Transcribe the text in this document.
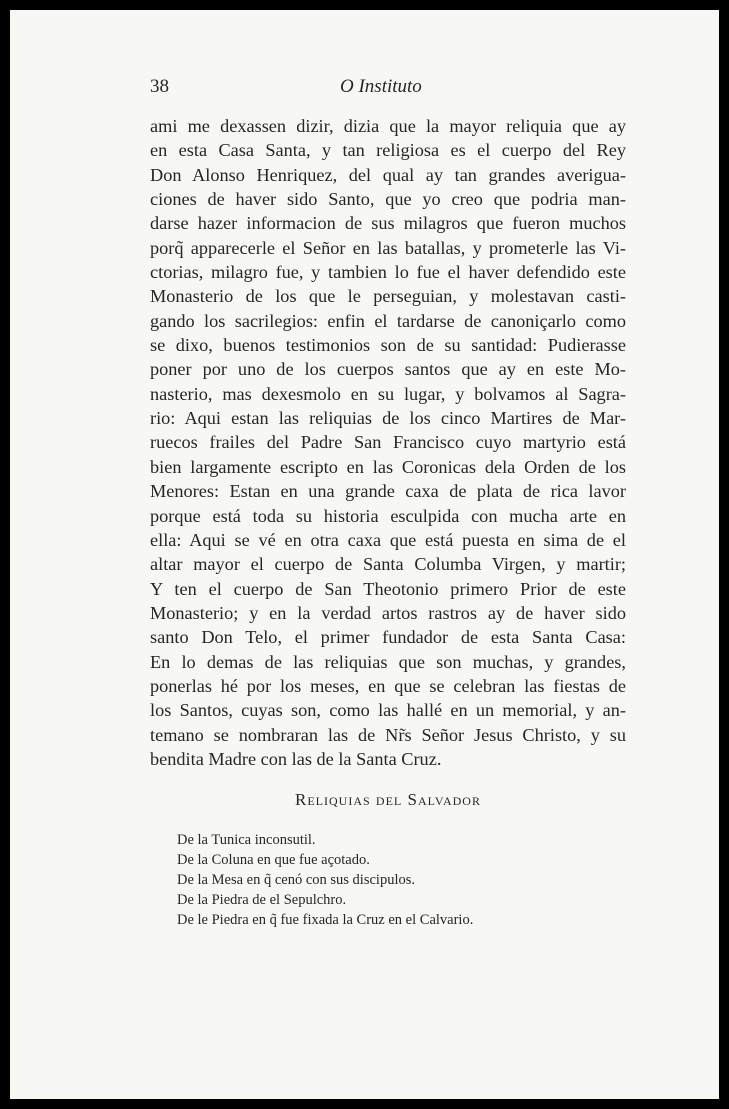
38	O Instituto
ami me dexassen dizir, dizia que la mayor reliquia que ay
en esta Casa Santa, y tan religiosa es el cuerpo del Rey
Don Alonso Henriquez, del qual ay tan grandes averigua-
ciones de haver sido Santo, que yo creo que podria man-
darse hazer informacion de sus milagros que fueron muchos
porq̃ apparecerle el Señor en las batallas, y prometerle las Vi-
ctorias, milagro fue, y tambien lo fue el haver defendido este
Monasterio de los que le perseguian, y molestavan casti-
gando los sacrilegios: enfin el tardarse de canoniçarlo como
se dixo, buenos testimonios son de su santidad: Pudierasse
poner por uno de los cuerpos santos que ay en este Mo-
nasterio, mas dexesmolo en su lugar, y bolvamos al Sagra-
rio: Aqui estan las reliquias de los cinco Martires de Mar-
ruecos frailes del Padre San Francisco cuyo martyrio está
bien largamente escripto en las Coronicas dela Orden de los
Menores: Estan en una grande caxa de plata de rica lavor
porque está toda su historia esculpida con mucha arte en
ella: Aqui se vé en otra caxa que está puesta en sima de el
altar mayor el cuerpo de Santa Columba Virgen, y martir;
Y ten el cuerpo de San Theotonio primero Prior de este
Monasterio; y en la verdad artos rastros ay de haver sido
santo Don Telo, el primer fundador de esta Santa Casa:
En lo demas de las reliquias que son muchas, y grandes,
ponerlas hé por los meses, en que se celebran las fiestas de
los Santos, cuyas son, como las hallé en un memorial, y an-
temano se nombraran las de Nr̃s Señor Jesus Christo, y su
bendita Madre con las de la Santa Cruz.
Reliquias del Salvador
De la Tunica inconsutil.
De la Coluna en que fue açotado.
De la Mesa en q̃ cenó con sus discipulos.
De la Piedra de el Sepulchro.
De le Piedra en q̃ fue fixada la Cruz en el Calvario.
